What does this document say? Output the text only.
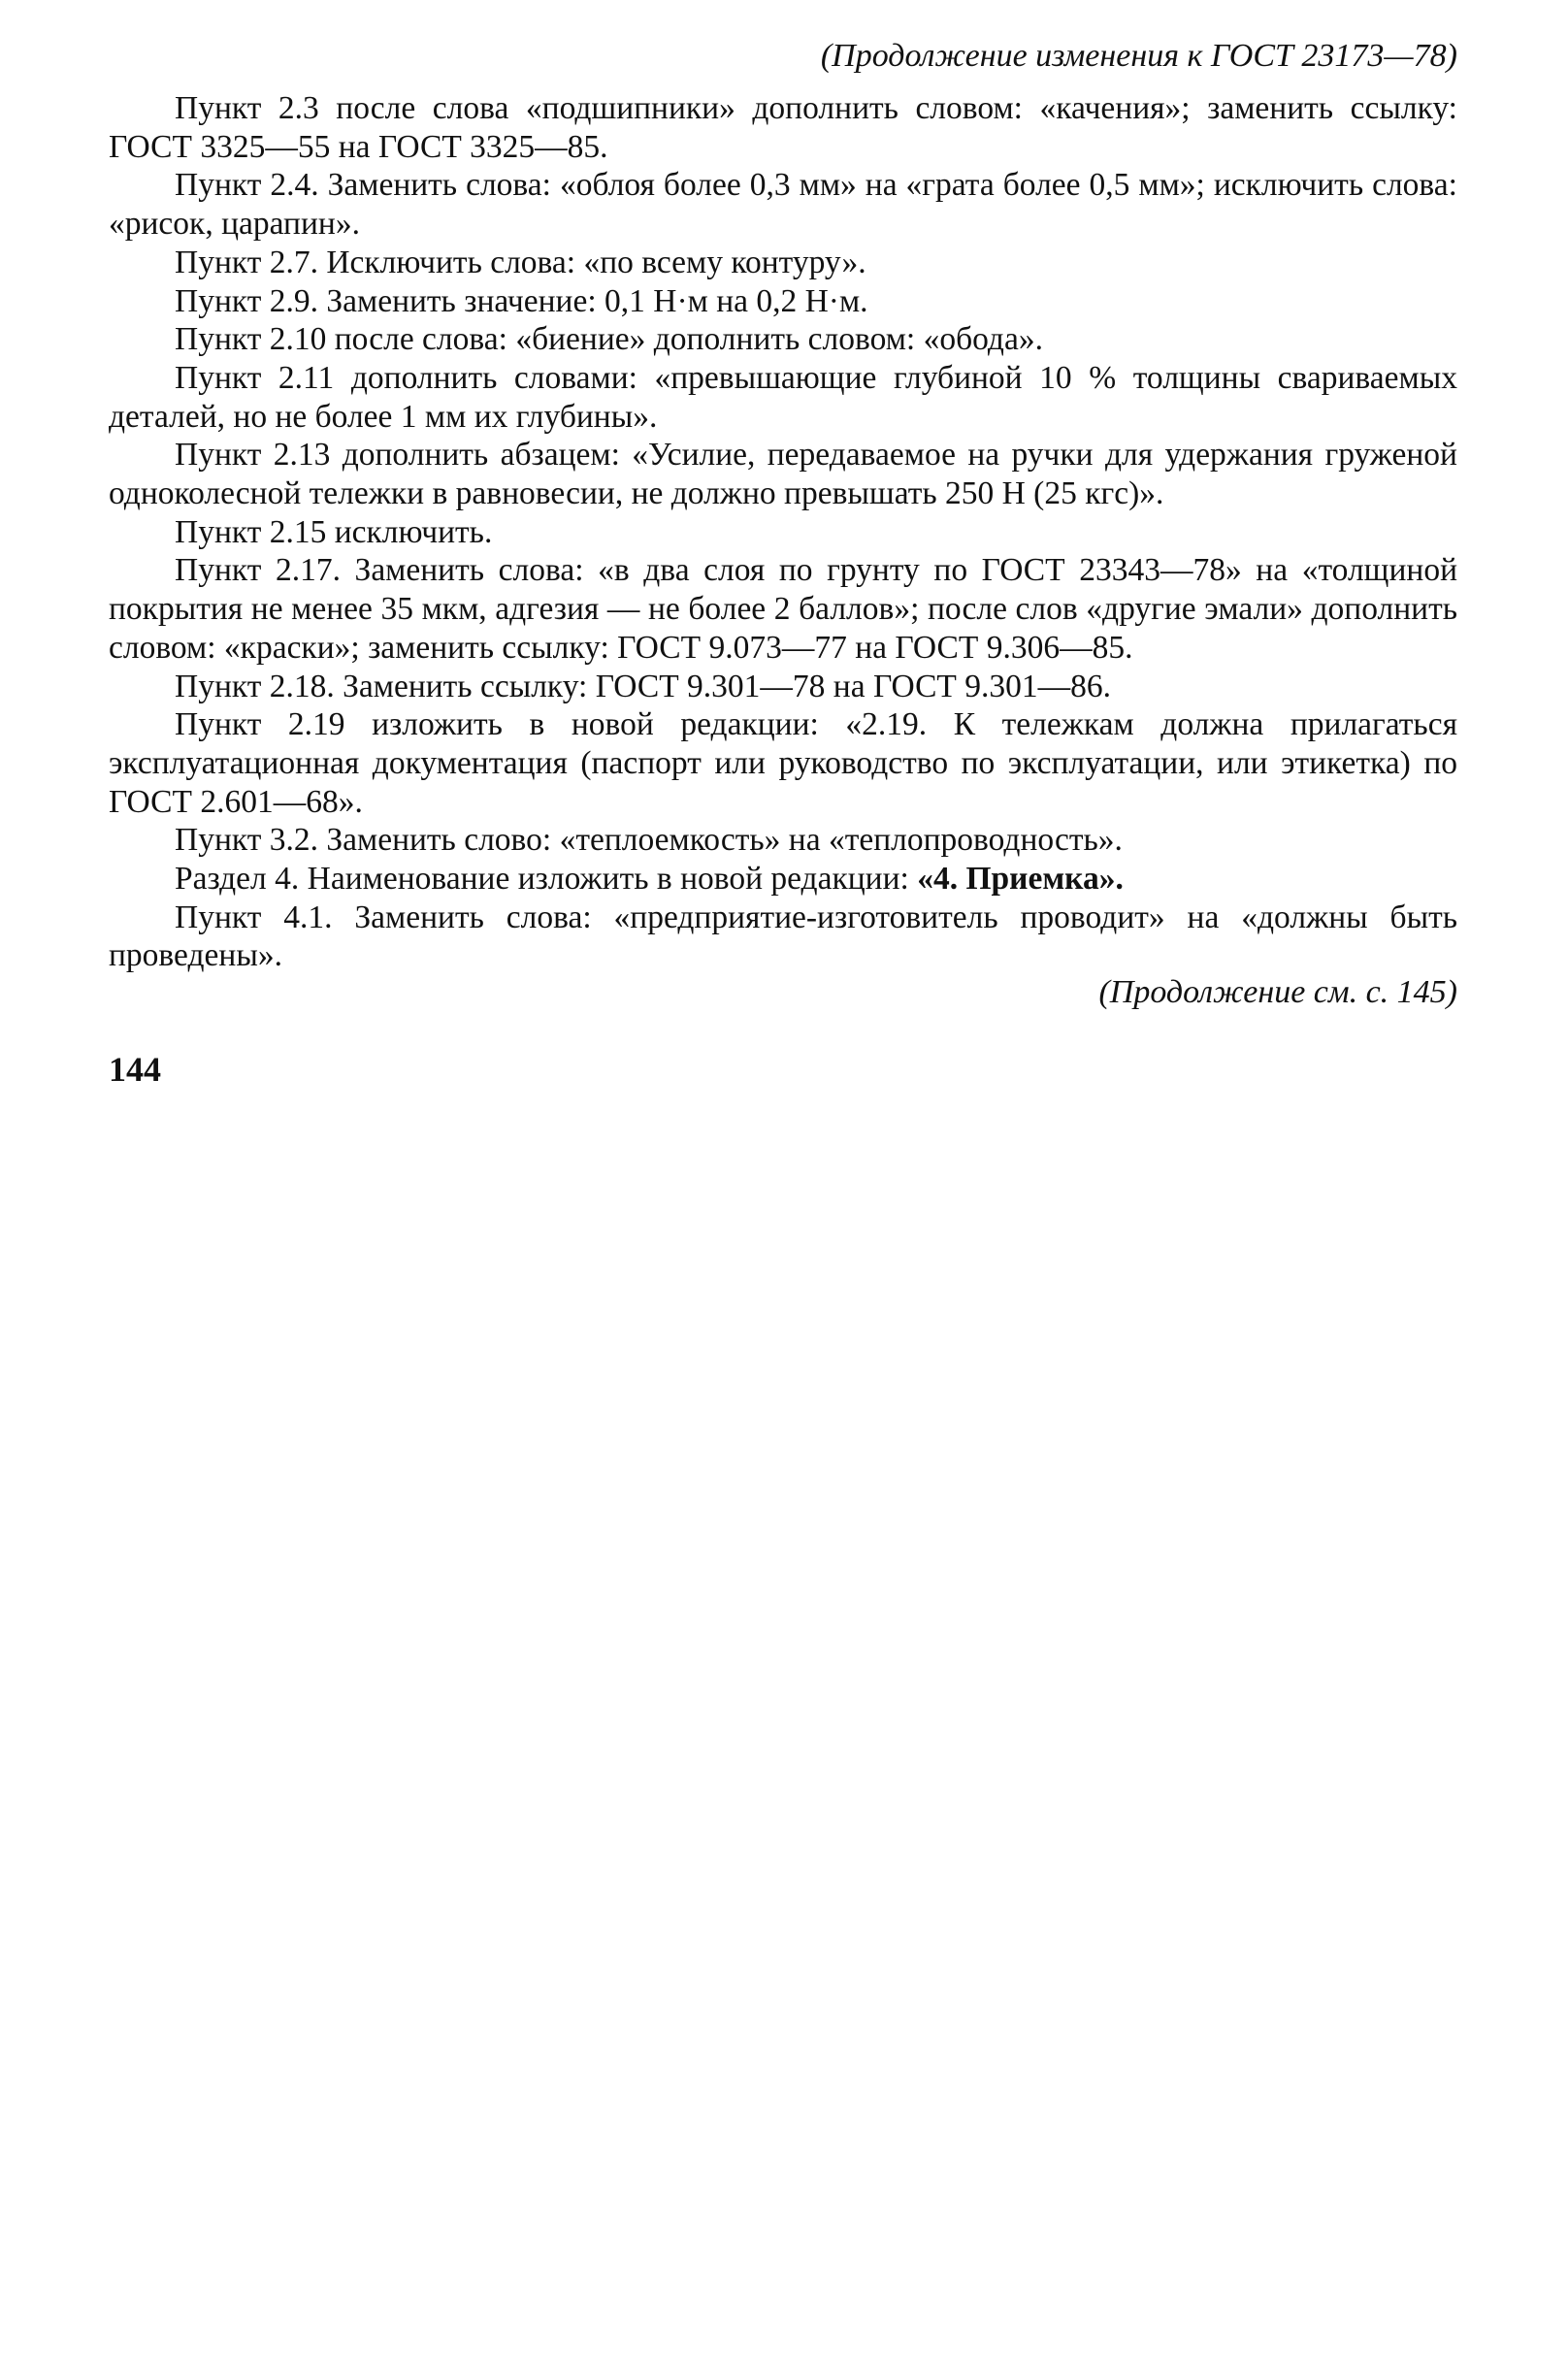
(Продолжение изменения к ГОСТ 23173—78)

Пункт 2.3 после слова «подшипники» дополнить словом: «качения»; заменить ссылку: ГОСТ 3325—55 на ГОСТ 3325—85.

Пункт 2.4. Заменить слова: «облоя более 0,3 мм» на «грата более 0,5 мм»; исключить слова: «рисок, царапин».

Пункт 2.7. Исключить слова: «по всему контуру».

Пункт 2.9. Заменить значение: 0,1 Н·м на 0,2 Н·м.

Пункт 2.10 после слова: «биение» дополнить словом: «обода».

Пункт 2.11 дополнить словами: «превышающие глубиной 10 % толщины свариваемых деталей, но не более 1 мм их глубины».

Пункт 2.13 дополнить абзацем: «Усилие, передаваемое на ручки для удержания груженой одноколесной тележки в равновесии, не должно превышать 250 Н (25 кгс)».

Пункт 2.15 исключить.

Пункт 2.17. Заменить слова: «в два слоя по грунту по ГОСТ 23343—78» на «толщиной покрытия не менее 35 мкм, адгезия — не более 2 баллов»; после слов «другие эмали» дополнить словом: «краски»; заменить ссылку: ГОСТ 9.073—77 на ГОСТ 9.306—85.

Пункт 2.18. Заменить ссылку: ГОСТ 9.301—78 на ГОСТ 9.301—86.

Пункт 2.19 изложить в новой редакции: «2.19. К тележкам должна прилагаться эксплуатационная документация (паспорт или руководство по эксплуатации, или этикетка) по ГОСТ 2.601—68».

Пункт 3.2. Заменить слово: «теплоемкость» на «теплопроводность».

Раздел 4. Наименование изложить в новой редакции: «4. Приемка».

Пункт 4.1. Заменить слова: «предприятие-изготовитель проводит» на «должны быть проведены».

(Продолжение см. с. 145)
144
